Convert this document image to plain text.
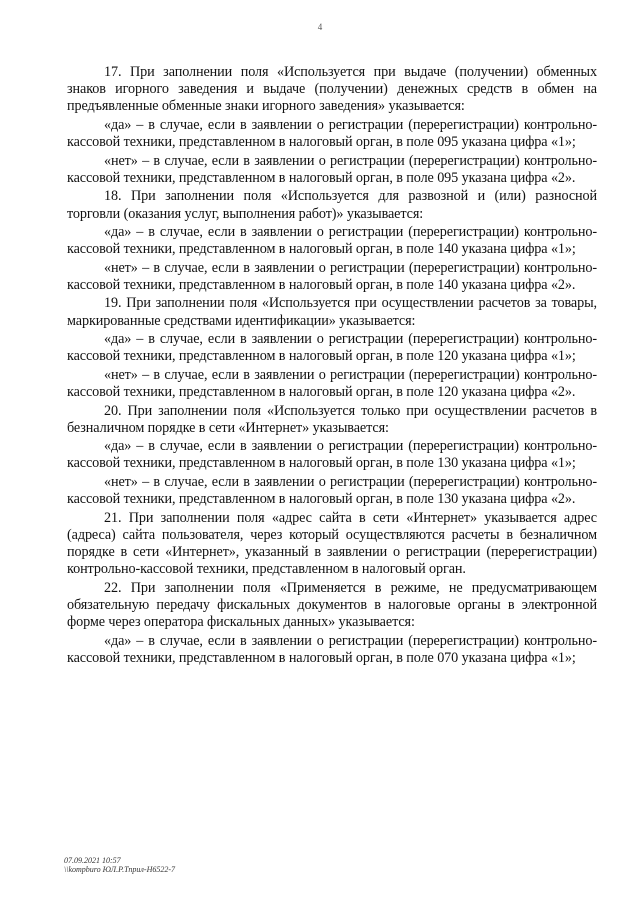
4

17. При заполнении поля «Используется при выдаче (получении) обменных знаков игорного заведения и выдаче (получении) денежных средств в обмен на предъявленные обменные знаки игорного заведения» указывается:

«да» – в случае, если в заявлении о регистрации (перерегистрации) контрольно-кассовой техники, представленном в налоговый орган, в поле 095 указана цифра «1»;

«нет» – в случае, если в заявлении о регистрации (перерегистрации) контрольно-кассовой техники, представленном в налоговый орган, в поле 095 указана цифра «2».

18. При заполнении поля «Используется для развозной и (или) разносной торговли (оказания услуг, выполнения работ)» указывается:

«да» – в случае, если в заявлении о регистрации (перерегистрации) контрольно-кассовой техники, представленном в налоговый орган, в поле 140 указана цифра «1»;

«нет» – в случае, если в заявлении о регистрации (перерегистрации) контрольно-кассовой техники, представленном в налоговый орган, в поле 140 указана цифра «2».

19. При заполнении поля «Используется при осуществлении расчетов за товары, маркированные средствами идентификации» указывается:

«да» – в случае, если в заявлении о регистрации (перерегистрации) контрольно-кассовой техники, представленном в налоговый орган, в поле 120 указана цифра «1»;

«нет» – в случае, если в заявлении о регистрации (перерегистрации) контрольно-кассовой техники, представленном в налоговый орган, в поле 120 указана цифра «2».

20. При заполнении поля «Используется только при осуществлении расчетов в безналичном порядке в сети «Интернет» указывается:

«да» – в случае, если в заявлении о регистрации (перерегистрации) контрольно-кассовой техники, представленном в налоговый орган, в поле 130 указана цифра «1»;

«нет» – в случае, если в заявлении о регистрации (перерегистрации) контрольно-кассовой техники, представленном в налоговый орган, в поле 130 указана цифра «2».

21. При заполнении поля «адрес сайта в сети «Интернет» указывается адрес (адреса) сайта пользователя, через который осуществляются расчеты в безналичном порядке в сети «Интернет», указанный в заявлении о регистрации (перерегистрации) контрольно-кассовой техники, представленном в налоговый орган.

22. При заполнении поля «Применяется в режиме, не предусматривающем обязательную передачу фискальных документов в налоговые органы в электронной форме через оператора фискальных данных» указывается:

«да» – в случае, если в заявлении о регистрации (перерегистрации) контрольно-кассовой техники, представленном в налоговый орган, в поле 070 указана цифра «1»;

07.09.2021 10:57
\\kompburo ЮЛ.Р.Тприл-Н6522-7
